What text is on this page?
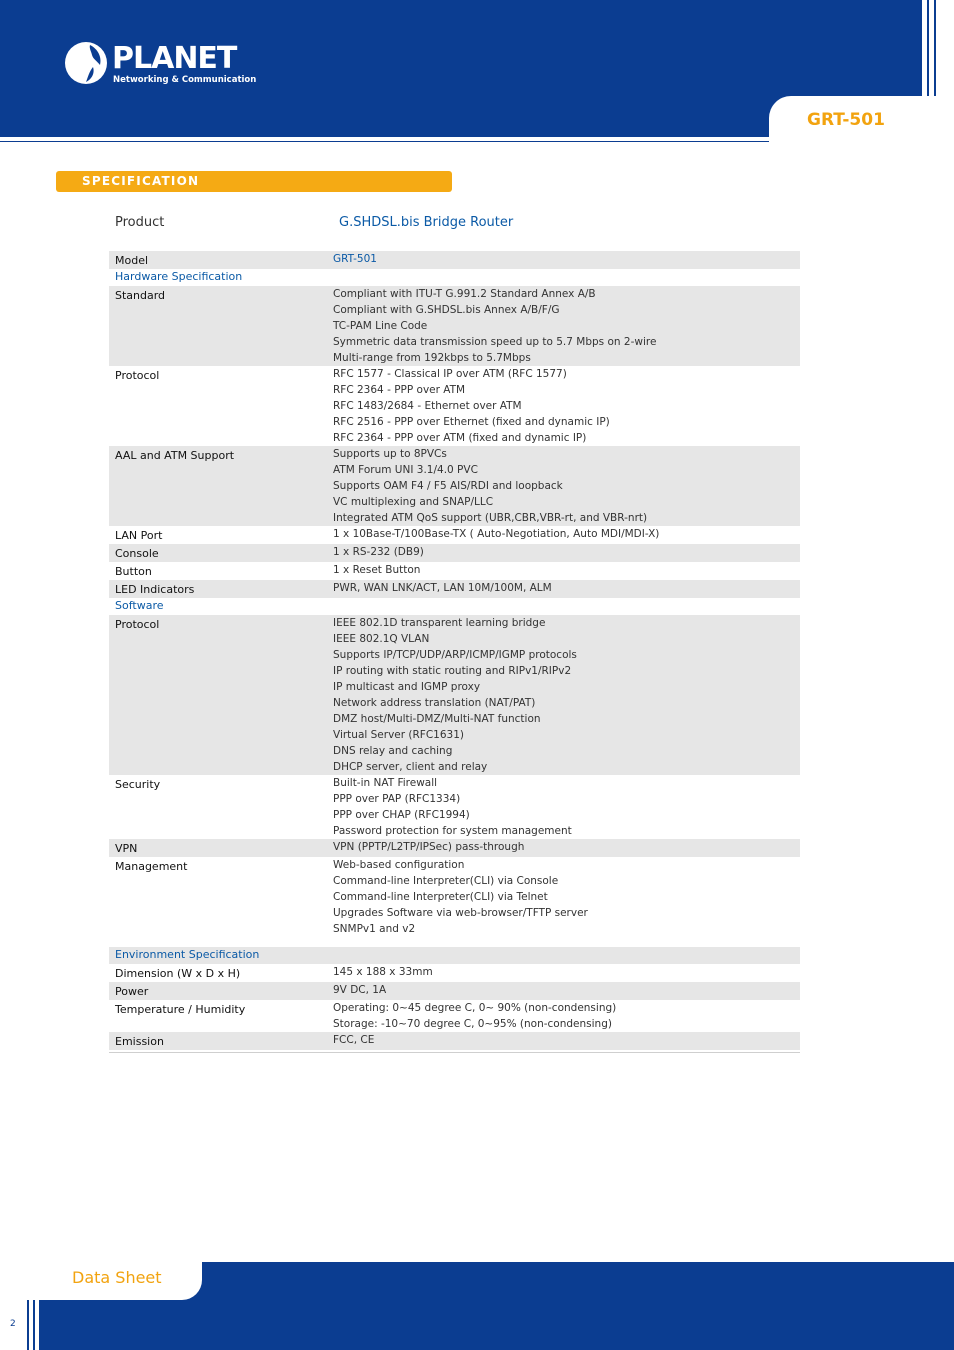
PLANET
Networking & Communication
GRT-501
SPECIFICATION
Product	G.SHDSL.bis Bridge Router
Model	GRT-501
Hardware Specification
Standard	Compliant with ITU-T G.991.2 Standard Annex A/B
Compliant with G.SHDSL.bis Annex A/B/F/G
TC-PAM Line Code
Symmetric data transmission speed up to 5.7 Mbps on 2-wire
Multi-range from 192kbps to 5.7Mbps
Protocol	RFC 1577 - Classical IP over ATM (RFC 1577)
RFC 2364 - PPP over ATM
RFC 1483/2684 - Ethernet over ATM
RFC 2516 - PPP over Ethernet (fixed and dynamic IP)
RFC 2364 - PPP over ATM (fixed and dynamic IP)
AAL and ATM Support	Supports up to 8PVCs
ATM Forum UNI 3.1/4.0 PVC
Supports OAM F4 / F5 AIS/RDI and loopback
VC multiplexing and SNAP/LLC
Integrated ATM QoS support (UBR,CBR,VBR-rt, and VBR-nrt)
LAN Port	1 x 10Base-T/100Base-TX ( Auto-Negotiation, Auto MDI/MDI-X)
Console	1 x RS-232 (DB9)
Button	1 x Reset Button
LED Indicators	PWR, WAN LNK/ACT, LAN 10M/100M, ALM
Software
Protocol	IEEE 802.1D transparent learning bridge
IEEE 802.1Q VLAN
Supports IP/TCP/UDP/ARP/ICMP/IGMP protocols
IP routing with static routing and RIPv1/RIPv2
IP multicast and IGMP proxy
Network address translation (NAT/PAT)
DMZ host/Multi-DMZ/Multi-NAT function
Virtual Server (RFC1631)
DNS relay and caching
DHCP server, client and relay
Security	Built-in NAT Firewall
PPP over PAP (RFC1334)
PPP over CHAP (RFC1994)
Password protection for system management
VPN	VPN (PPTP/L2TP/IPSec) pass-through
Management	Web-based configuration
Command-line Interpreter(CLI) via Console
Command-line Interpreter(CLI) via Telnet
Upgrades Software via web-browser/TFTP server
SNMPv1 and v2
Environment Specification
Dimension (W x D x H)	145 x 188 x 33mm
Power	9V DC, 1A
Temperature / Humidity	Operating: 0~45 degree C, 0~ 90% (non-condensing)
Storage: -10~70 degree C, 0~95% (non-condensing)
Emission	FCC, CE
Data Sheet
2
